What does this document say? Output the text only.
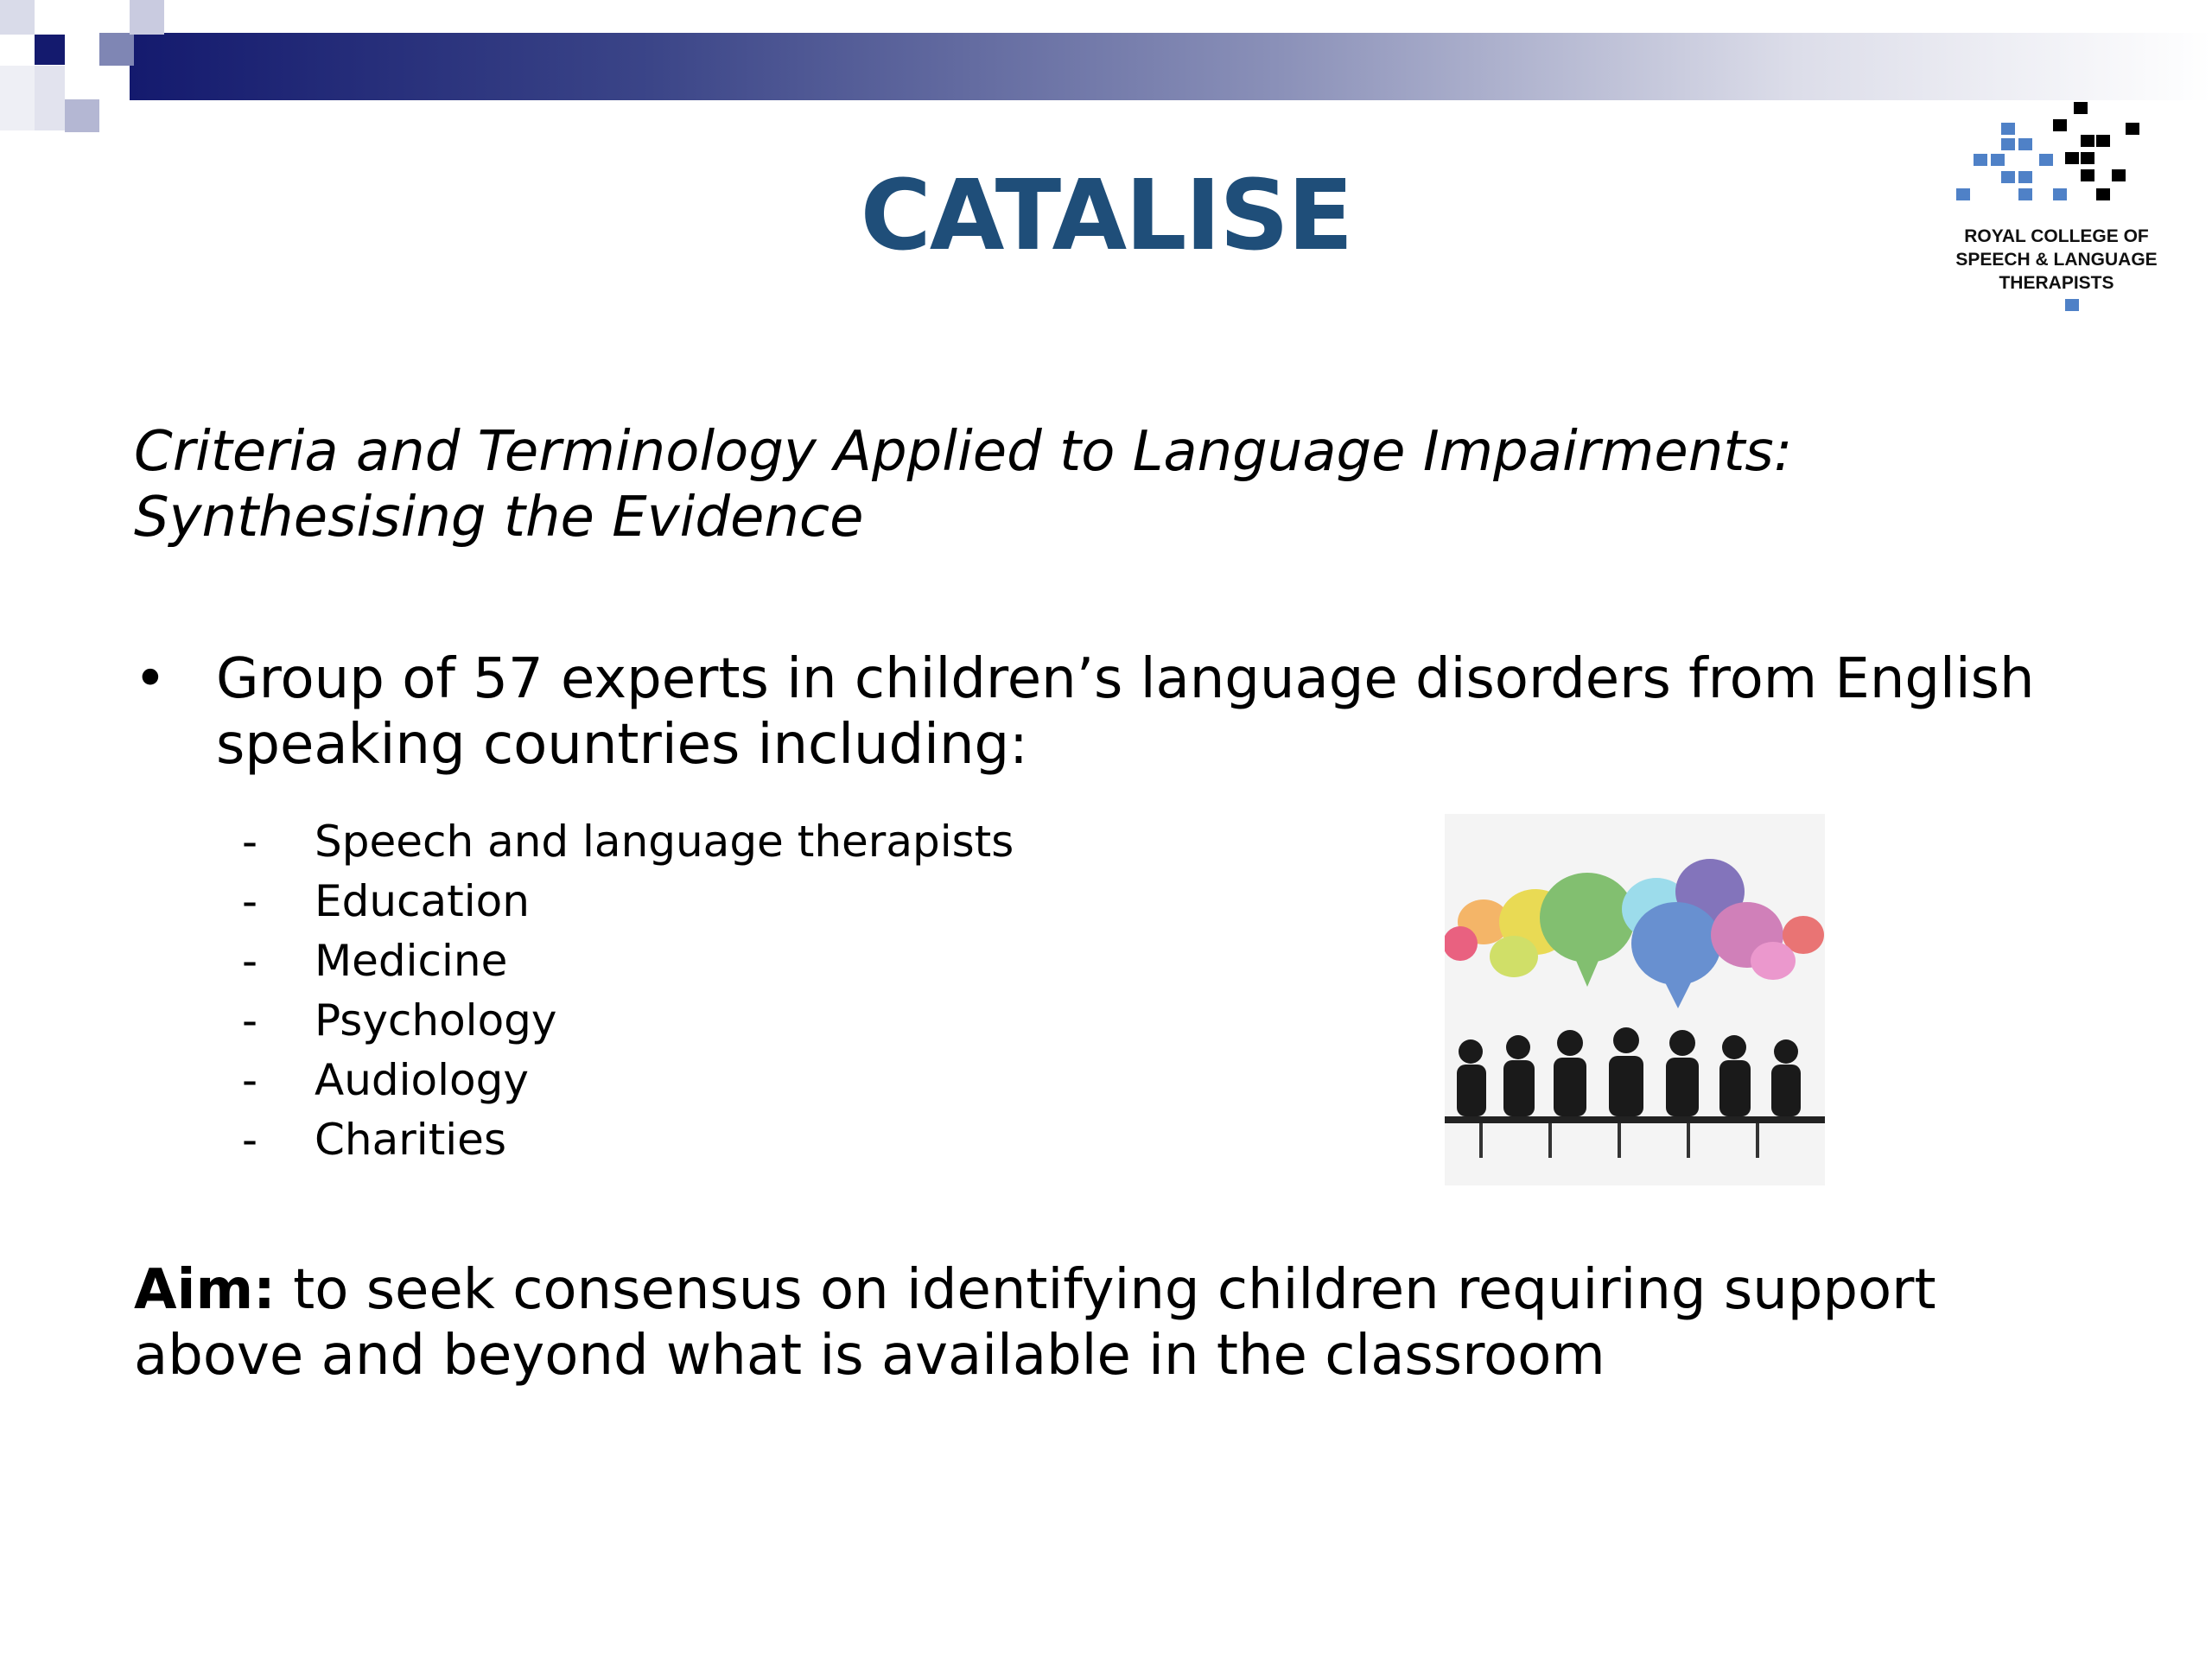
CATALISE	ROYAL COLLEGE OF
SPEECH & LANGUAGE
THERAPISTS

Criteria and Terminology Applied to Language Impairments: Synthesising the Evidence

• Group of 57 experts in children’s language disorders from English speaking countries including:
-	Speech and language therapists
-	Education
-	Medicine
-	Psychology
-	Audiology
-	Charities

Aim: to seek consensus on identifying children requiring support above and beyond what is available in the classroom
